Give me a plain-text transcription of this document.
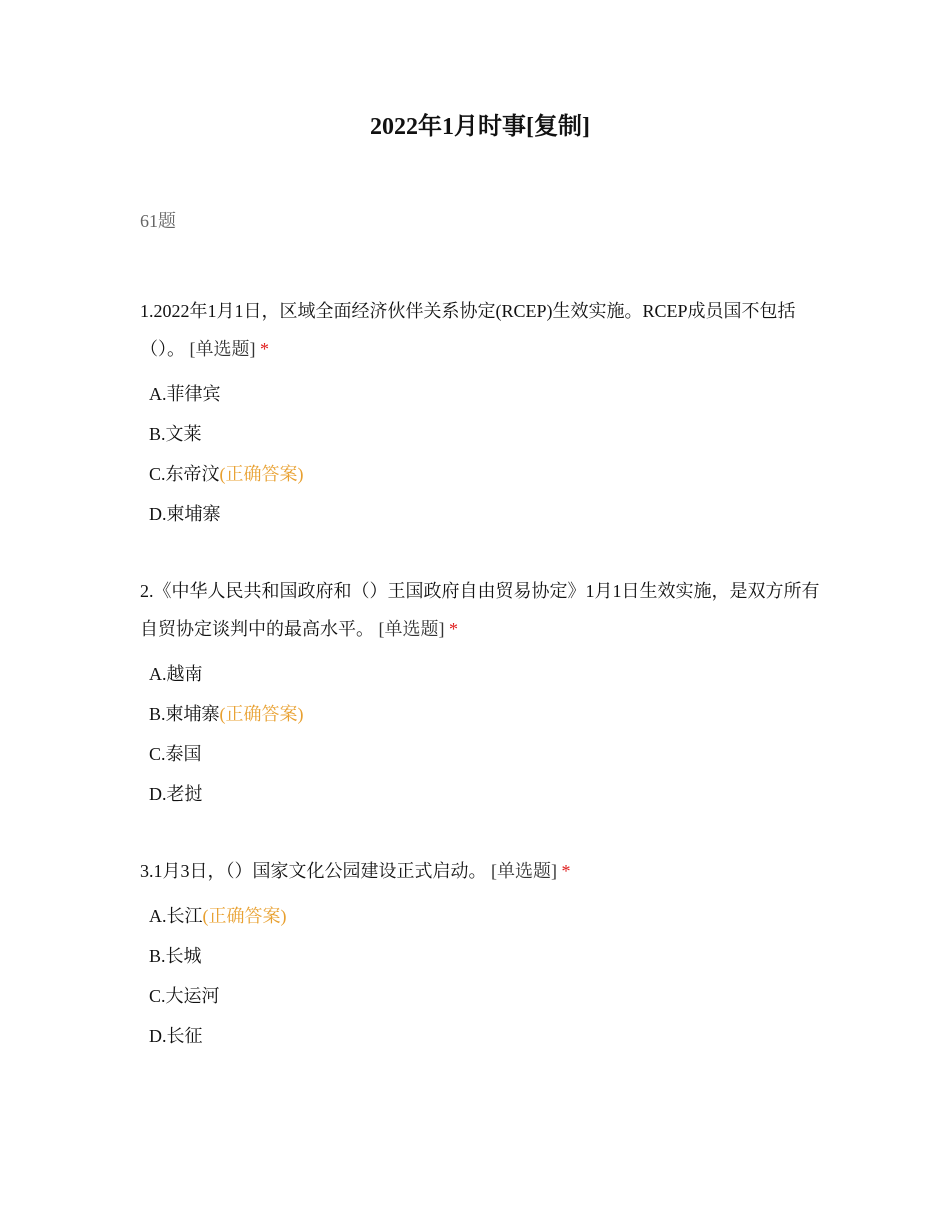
2022年1月时事[复制]
61题

1.2022年1月1日，区域全面经济伙伴关系协定(RCEP)生效实施。RCEP成员国不包括（）。 [单选题] *

A.菲律宾
B.文莱
C.东帝汶(正确答案)
D.柬埔寨

2.《中华人民共和国政府和（）王国政府自由贸易协定》1月1日生效实施，是双方所有自贸协定谈判中的最高水平。 [单选题] *

A.越南
B.柬埔寨(正确答案)
C.泰国
D.老挝

3.1月3日，（）国家文化公园建设正式启动。 [单选题] *

A.长江(正确答案)
B.长城
C.大运河
D.长征
